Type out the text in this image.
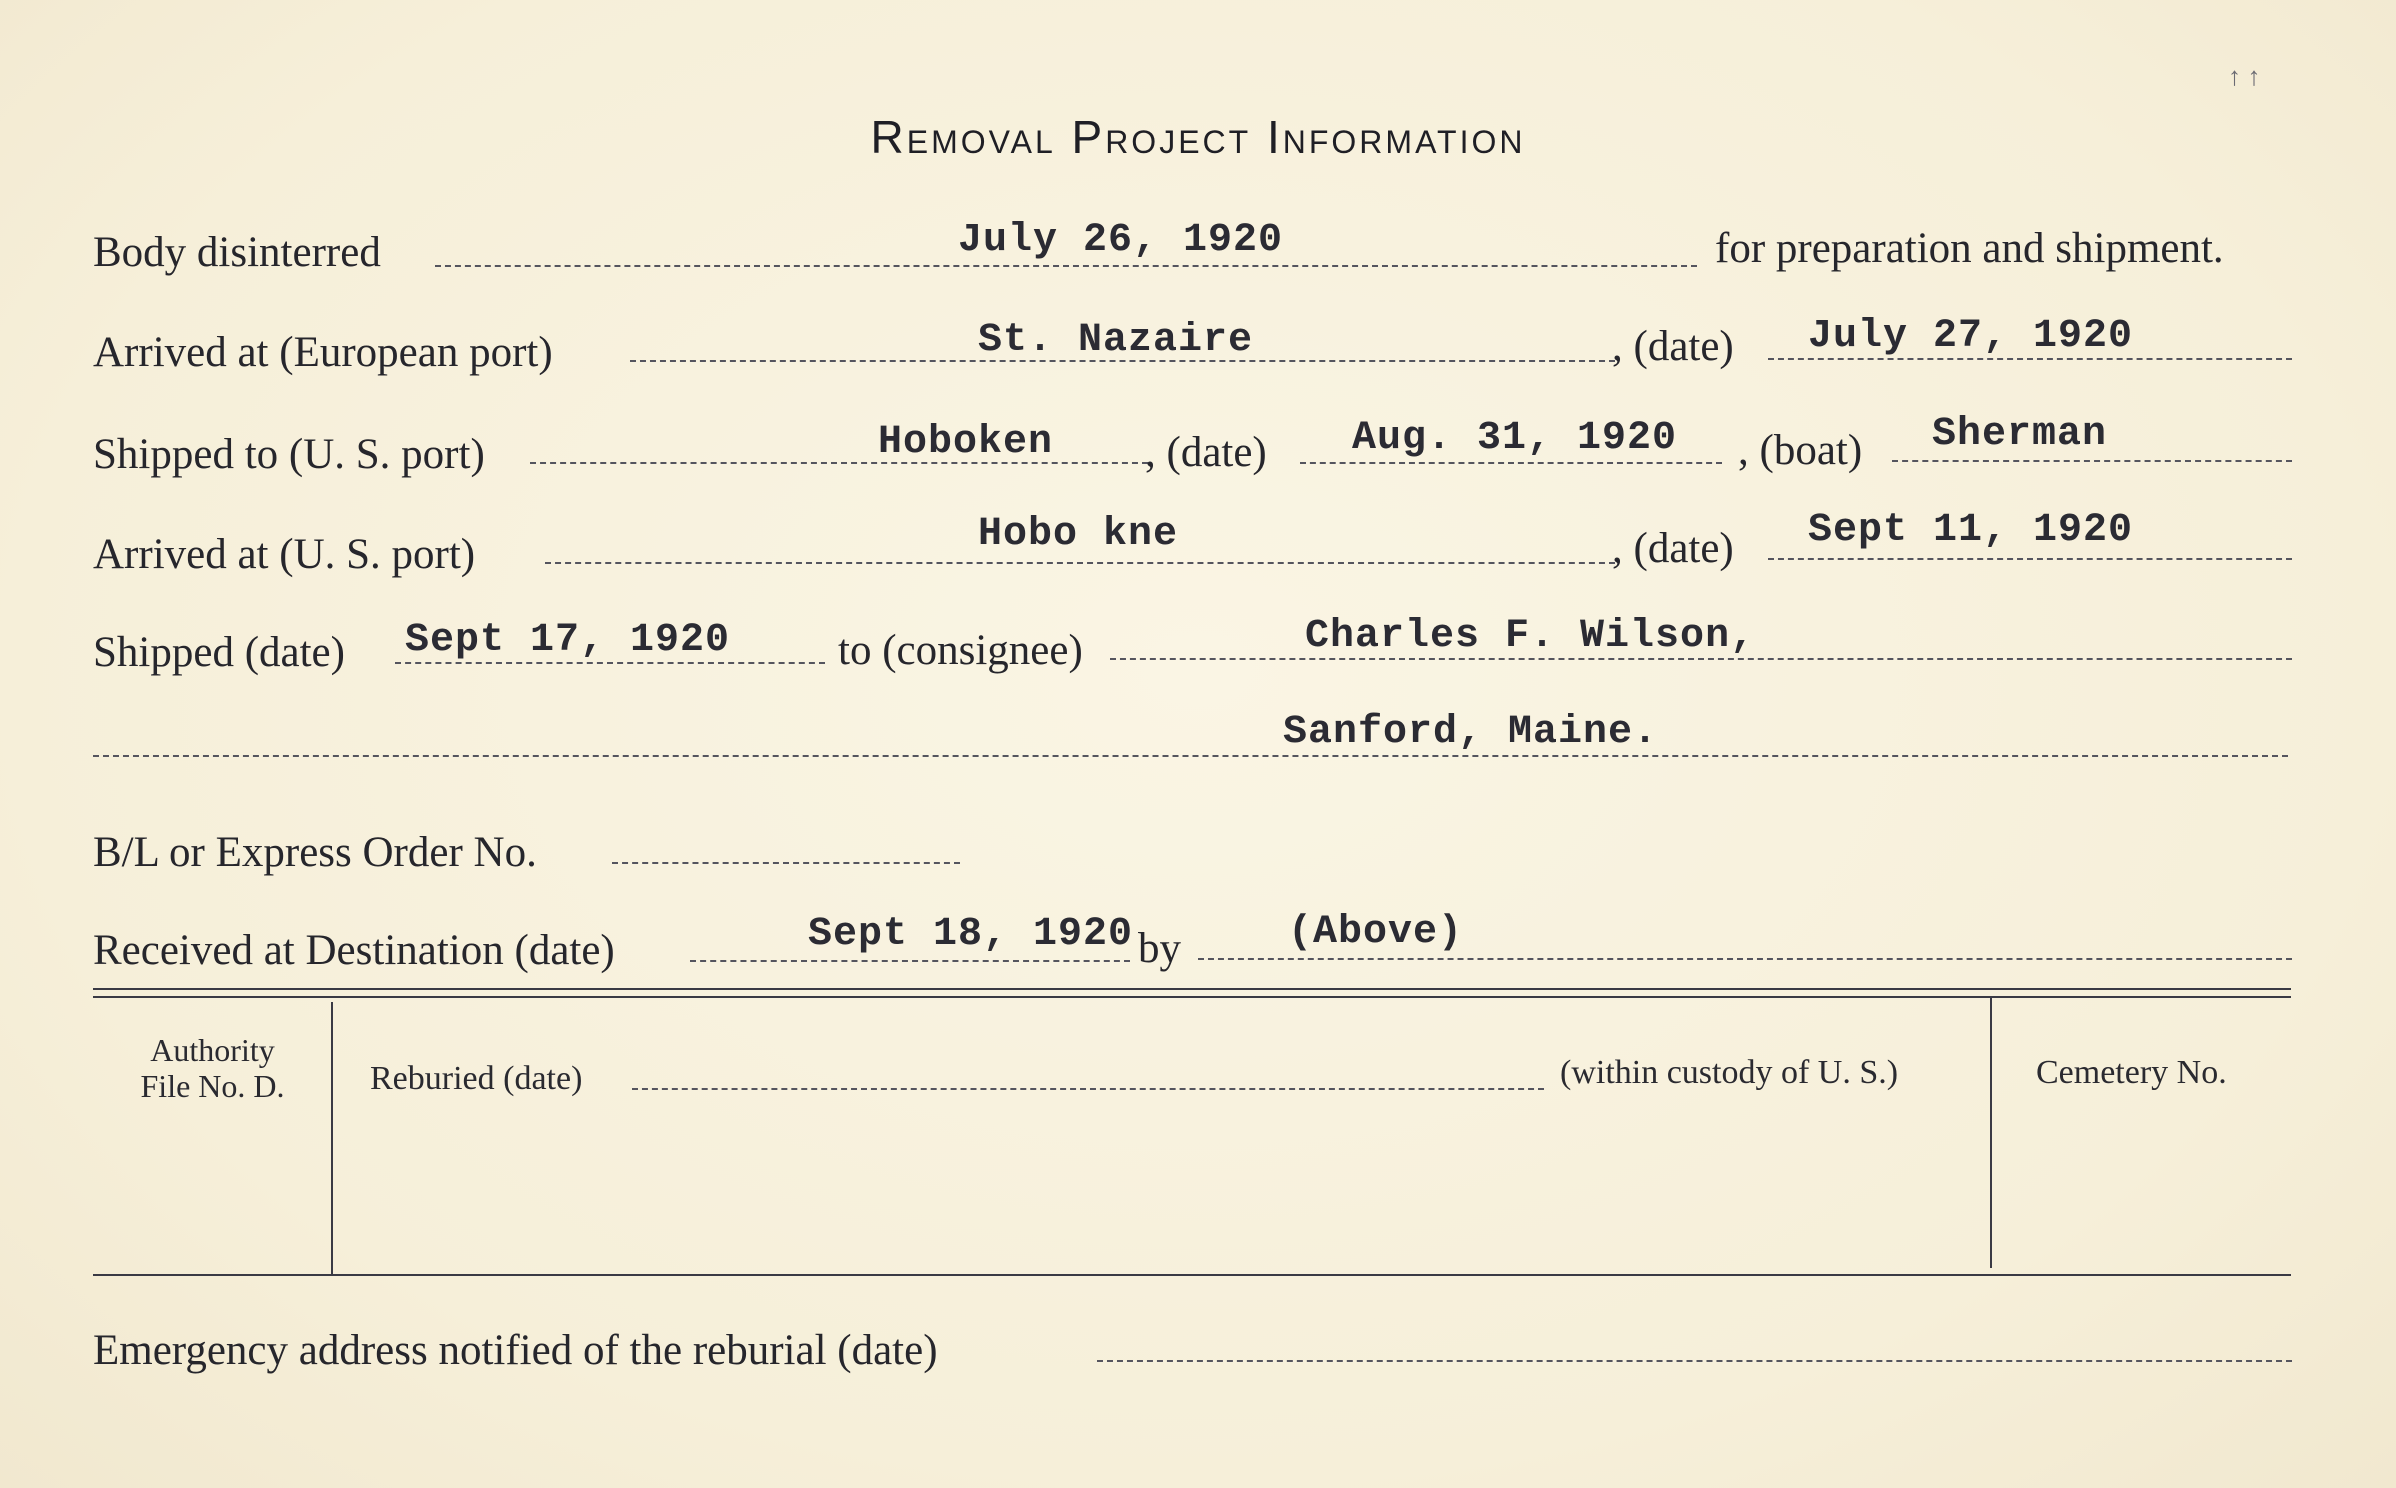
Removal Project Information
↑ ↑
Body disinterred	July 26, 1920	for preparation and shipment.
Arrived at (European port)	St. Nazaire	, (date) July 27, 1920
Shipped to (U. S. port)	Hoboken , (date) Aug. 31, 1920 , (boat) Sherman
Arrived at (U. S. port)	Hobo kne	, (date) Sept 11, 1920
Shipped (date) Sept 17, 1920	to (consignee)	Charles F. Wilson,
Sanford, Maine.
B/L or Express Order No.
Received at Destination (date)	Sept 18, 1920 by	(Above)
Authority
File No. D.	Reburied (date)	(within custody of U. S.)	Cemetery No.
Emergency address notified of the reburial (date)
